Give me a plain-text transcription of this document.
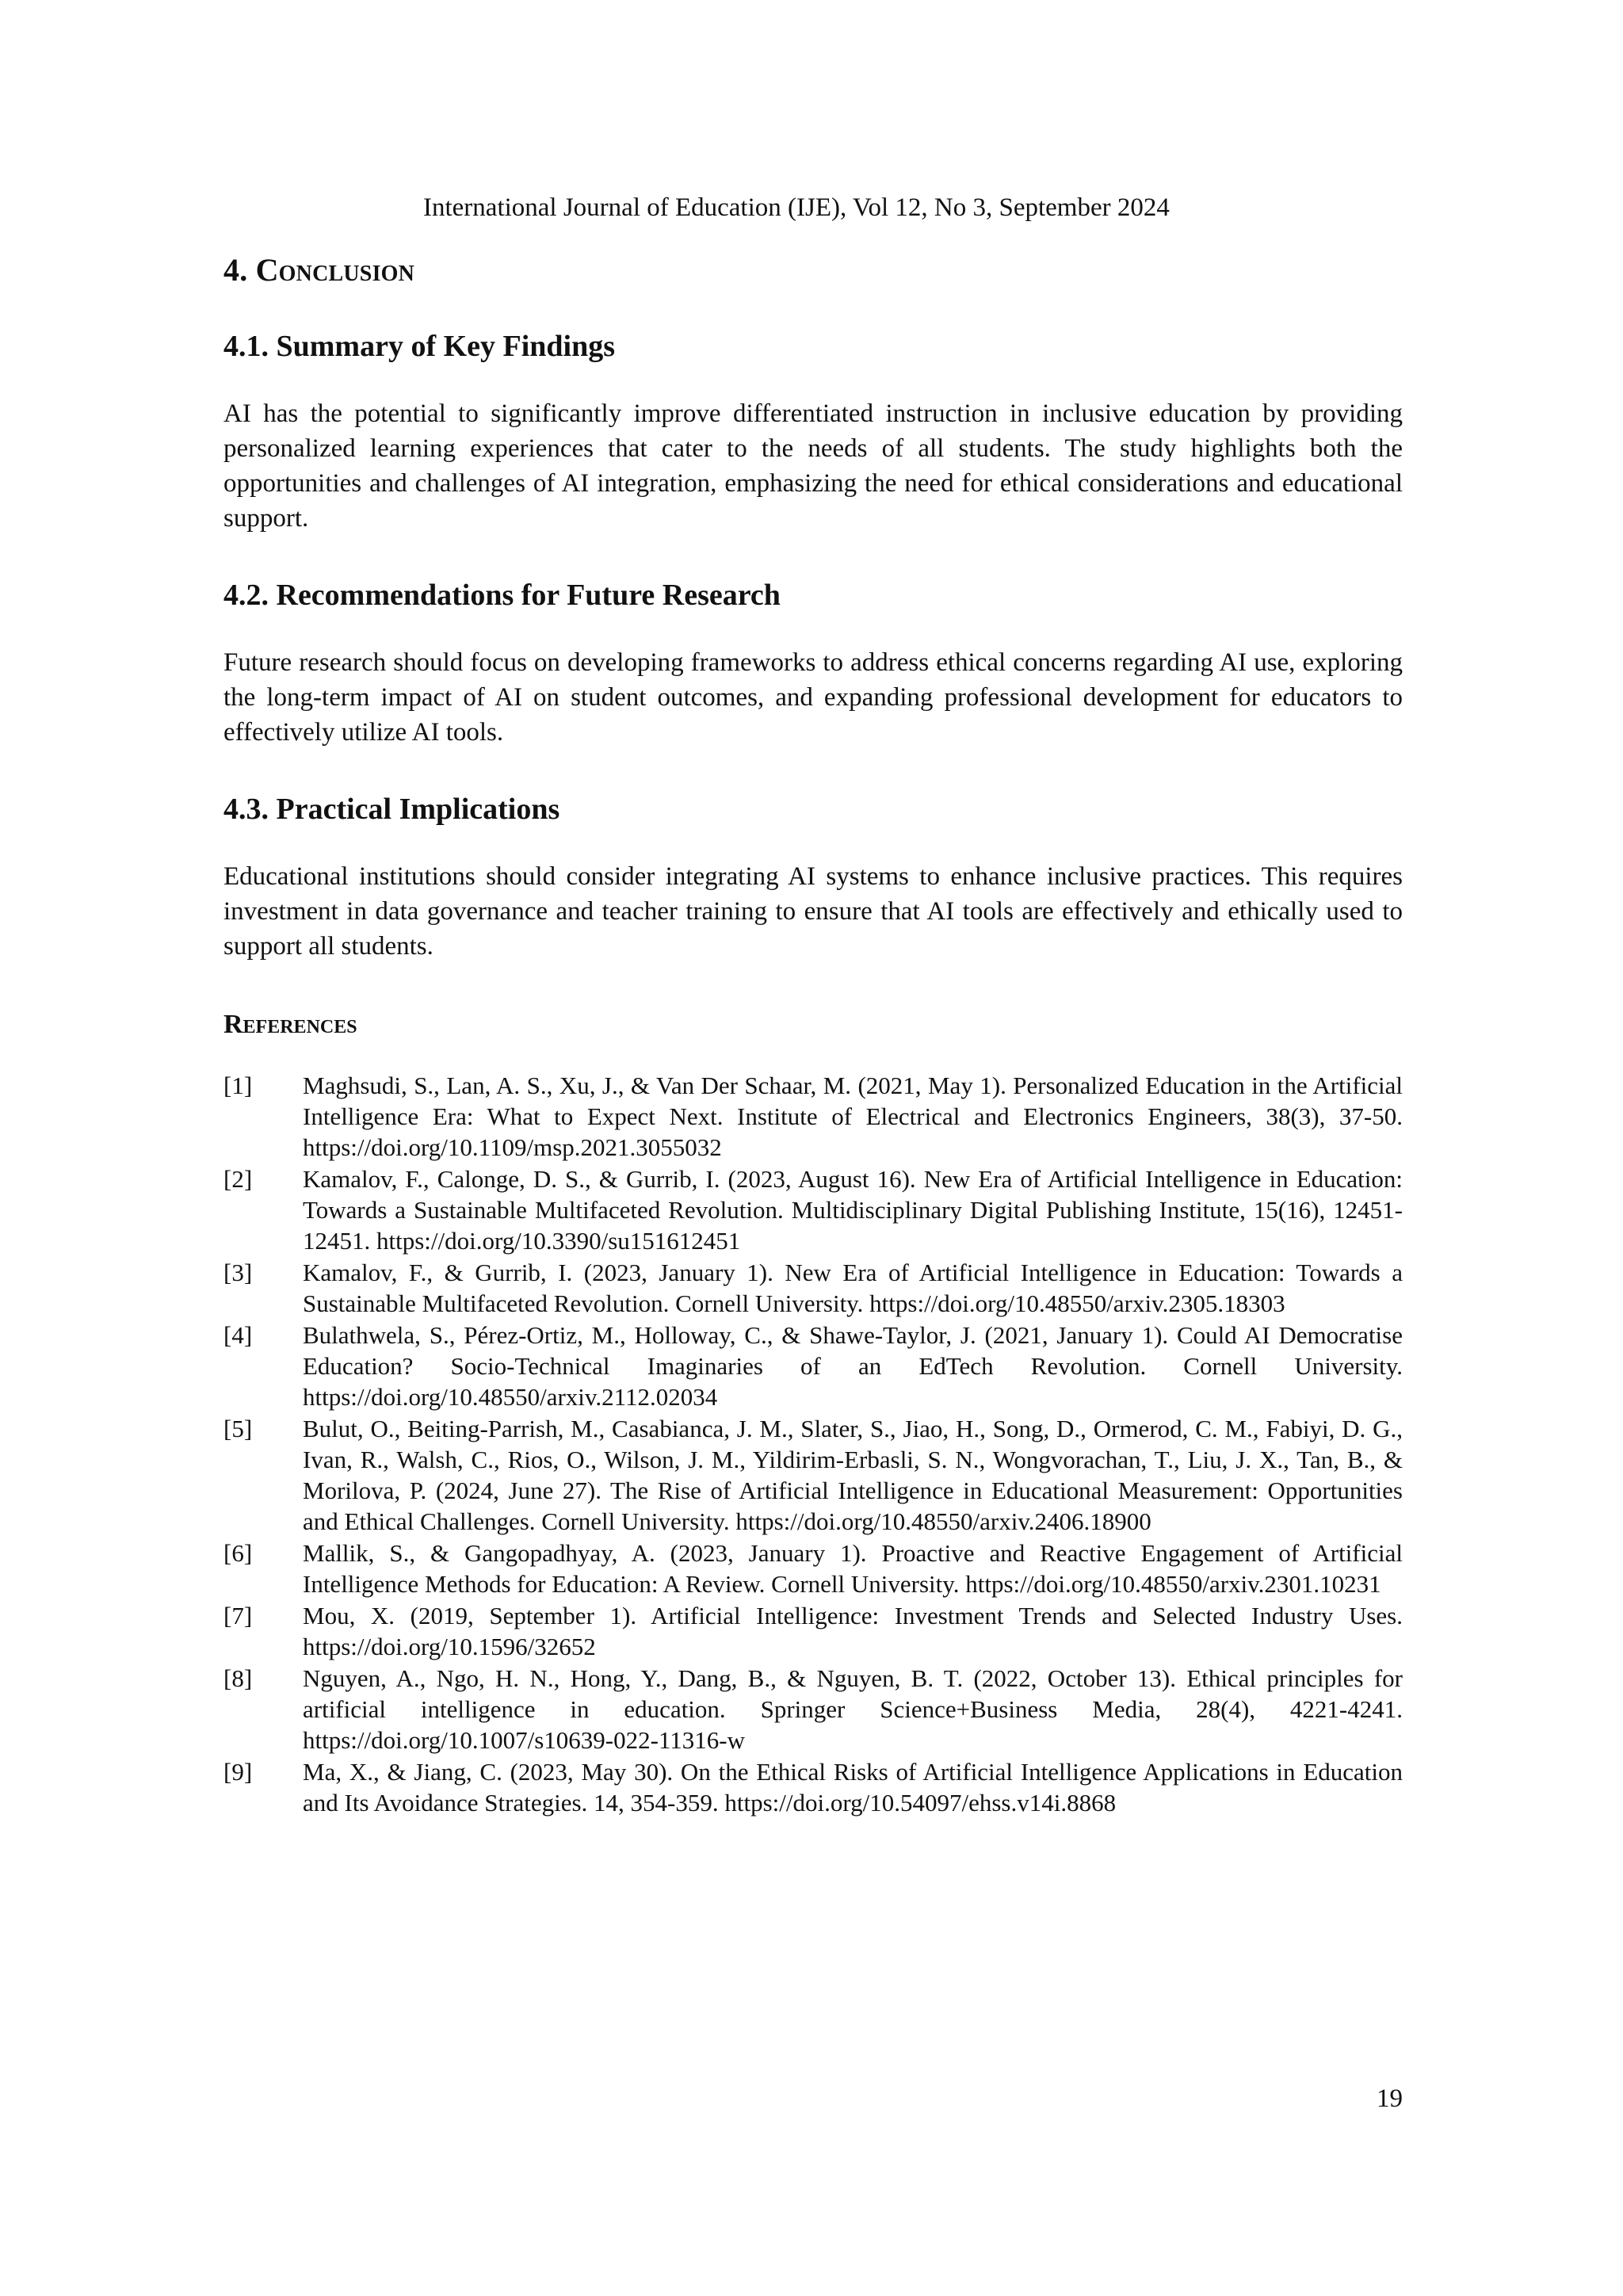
International Journal of Education (IJE), Vol 12, No 3, September 2024
4. Conclusion
4.1. Summary of Key Findings

AI has the potential to significantly improve differentiated instruction in inclusive education by providing personalized learning experiences that cater to the needs of all students. The study highlights both the opportunities and challenges of AI integration, emphasizing the need for ethical considerations and educational support.

4.2. Recommendations for Future Research

Future research should focus on developing frameworks to address ethical concerns regarding AI use, exploring the long-term impact of AI on student outcomes, and expanding professional development for educators to effectively utilize AI tools.

4.3. Practical Implications

Educational institutions should consider integrating AI systems to enhance inclusive practices. This requires investment in data governance and teacher training to ensure that AI tools are effectively and ethically used to support all students.

References
[1]	Maghsudi, S., Lan, A. S., Xu, J., & Van Der Schaar, M. (2021, May 1). Personalized Education in the Artificial Intelligence Era: What to Expect Next. Institute of Electrical and Electronics Engineers, 38(3), 37-50. https://doi.org/10.1109/msp.2021.3055032
[2]	Kamalov, F., Calonge, D. S., & Gurrib, I. (2023, August 16). New Era of Artificial Intelligence in Education: Towards a Sustainable Multifaceted Revolution. Multidisciplinary Digital Publishing Institute, 15(16), 12451-12451. https://doi.org/10.3390/su151612451
[3]	Kamalov, F., & Gurrib, I. (2023, January 1). New Era of Artificial Intelligence in Education: Towards a Sustainable Multifaceted Revolution. Cornell University. https://doi.org/10.48550/arxiv.2305.18303
[4]	Bulathwela, S., Pérez-Ortiz, M., Holloway, C., & Shawe-Taylor, J. (2021, January 1). Could AI Democratise Education? Socio-Technical Imaginaries of an EdTech Revolution. Cornell University. https://doi.org/10.48550/arxiv.2112.02034
[5]	Bulut, O., Beiting-Parrish, M., Casabianca, J. M., Slater, S., Jiao, H., Song, D., Ormerod, C. M., Fabiyi, D. G., Ivan, R., Walsh, C., Rios, O., Wilson, J. M., Yildirim-Erbasli, S. N., Wongvorachan, T., Liu, J. X., Tan, B., & Morilova, P. (2024, June 27). The Rise of Artificial Intelligence in Educational Measurement: Opportunities and Ethical Challenges. Cornell University. https://doi.org/10.48550/arxiv.2406.18900
[6]	Mallik, S., & Gangopadhyay, A. (2023, January 1). Proactive and Reactive Engagement of Artificial Intelligence Methods for Education: A Review. Cornell University. https://doi.org/10.48550/arxiv.2301.10231
[7]	Mou, X. (2019, September 1). Artificial Intelligence: Investment Trends and Selected Industry Uses. https://doi.org/10.1596/32652
[8]	Nguyen, A., Ngo, H. N., Hong, Y., Dang, B., & Nguyen, B. T. (2022, October 13). Ethical principles for artificial intelligence in education. Springer Science+Business Media, 28(4), 4221-4241. https://doi.org/10.1007/s10639-022-11316-w
[9]	Ma, X., & Jiang, C. (2023, May 30). On the Ethical Risks of Artificial Intelligence Applications in Education and Its Avoidance Strategies. 14, 354-359. https://doi.org/10.54097/ehss.v14i.8868
19
